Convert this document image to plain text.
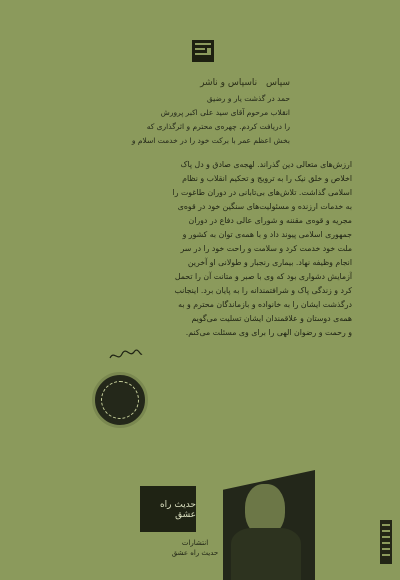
سپاس ناسپاس و ناشر
حمد در گذشت یار و رضیق
انقلاب مرحوم آقای سید علی اکبر پرورش
را دریافت کردم. چهره‌ی محترم و اثرگذاری که
بخش اعظم عمر با برکت خود را در خدمت اسلام و
ارزش‌های متعالی دین گذراند. لهجه‌ی صادق و دل پاک
اخلاص و خلق نیک را به ترویج و تحکیم انقلاب و نظام
اسلامی گذاشت. تلاش‌های بی‌تابانی در دوران طاغوت را
به خدمات ارزنده و مسئولیت‌های سنگین خود در قوه‌ی
مجریه و قوه‌ی مقننه و شورای عالی دفاع در دوران
جمهوری اسلامی پیوند داد و با همه‌ی توان به کشور و
ملت خود خدمت کرد و سلامت و راحت خود را در سر
انجام وظیفه نهاد. بیماری رنجبار و طولانی او آخرین
آزمایش دشواری بود که وی با صبر و متانت آن را تحمل
کرد و زندگی پاک و شرافتمندانه را به پایان برد. اینجانب
درگذشت ایشان را به خانواده و بازماندگان محترم و به
همه‌ی دوستان و علاقمندان ایشان تسلیت می‌گویم
و رحمت و رضوان الهی را برای وی مسئلت می‌کنم.
حدیث راه عشق
انتشارات
حدیث راه عشق
